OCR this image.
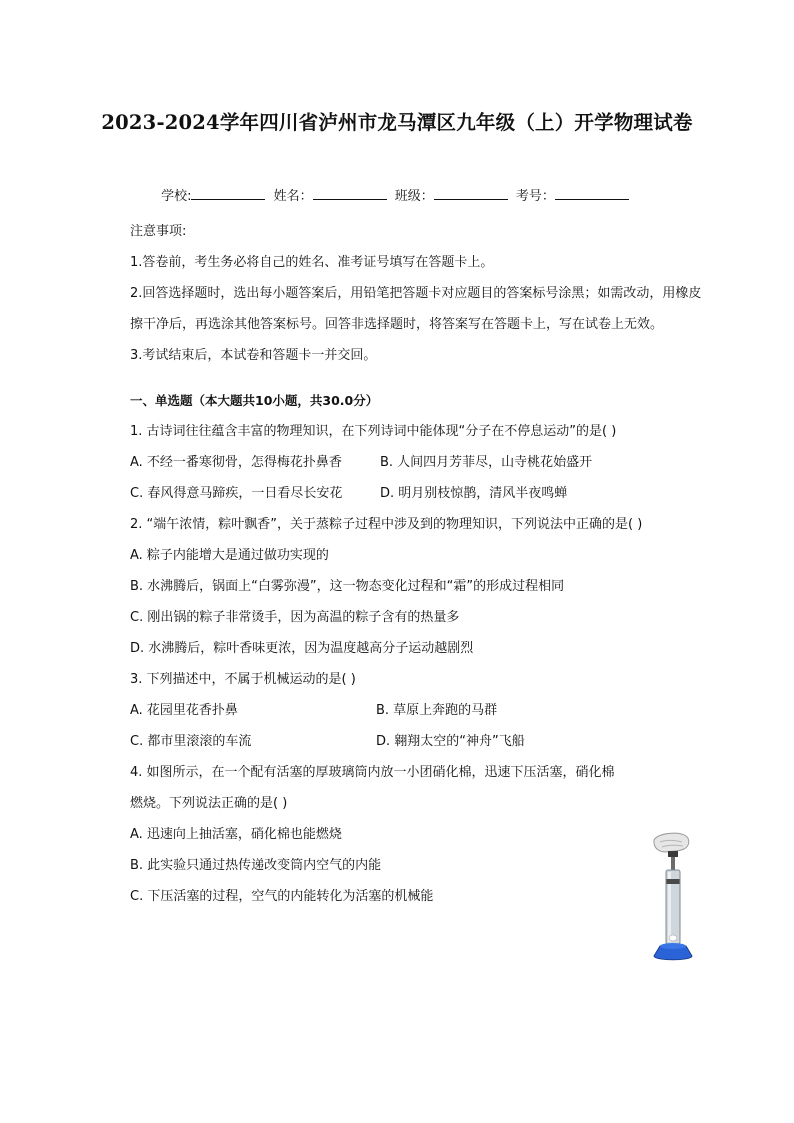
2023-2024学年四川省泸州市龙马潭区九年级（上）开学物理试卷
学校:	姓名：	班级：	考号：
注意事项:
1.答卷前，考生务必将自己的姓名、准考证号填写在答题卡上。
2.回答选择题时，选出每小题答案后，用铅笔把答题卡对应题目的答案标号涂黑；如需改动，用橡皮擦干净后，再选涂其他答案标号。回答非选择题时，将答案写在答题卡上，写在试卷上无效。
3.考试结束后，本试卷和答题卡一并交回。
一、单选题（本大题共10小题，共30.0分）
1. 古诗词往往蕴含丰富的物理知识，在下列诗词中能体现“分子在不停息运动”的是( )
A. 不经一番寒彻骨，怎得梅花扑鼻香	B. 人间四月芳菲尽，山寺桃花始盛开
C. 春风得意马蹄疾，一日看尽长安花	D. 明月别枝惊鹊，清风半夜鸣蝉
2. “端午浓情，粽叶飘香”，关于蒸粽子过程中涉及到的物理知识，下列说法中正确的是( )
A. 粽子内能增大是通过做功实现的
B. 水沸腾后，锅面上“白雾弥漫”，这一物态变化过程和“霜”的形成过程相同
C. 刚出锅的粽子非常烫手，因为高温的粽子含有的热量多
D. 水沸腾后，粽叶香味更浓，因为温度越高分子运动越剧烈
3. 下列描述中，不属于机械运动的是( )
A. 花园里花香扑鼻	B. 草原上奔跑的马群
C. 都市里滚滚的车流	D. 翱翔太空的“神舟”飞船
4. 如图所示，在一个配有活塞的厚玻璃筒内放一小团硝化棉，迅速下压活塞，硝化棉燃烧。下列说法正确的是( )
A. 迅速向上抽活塞，硝化棉也能燃烧
B. 此实验只通过热传递改变筒内空气的内能
C. 下压活塞的过程，空气的内能转化为活塞的机械能
